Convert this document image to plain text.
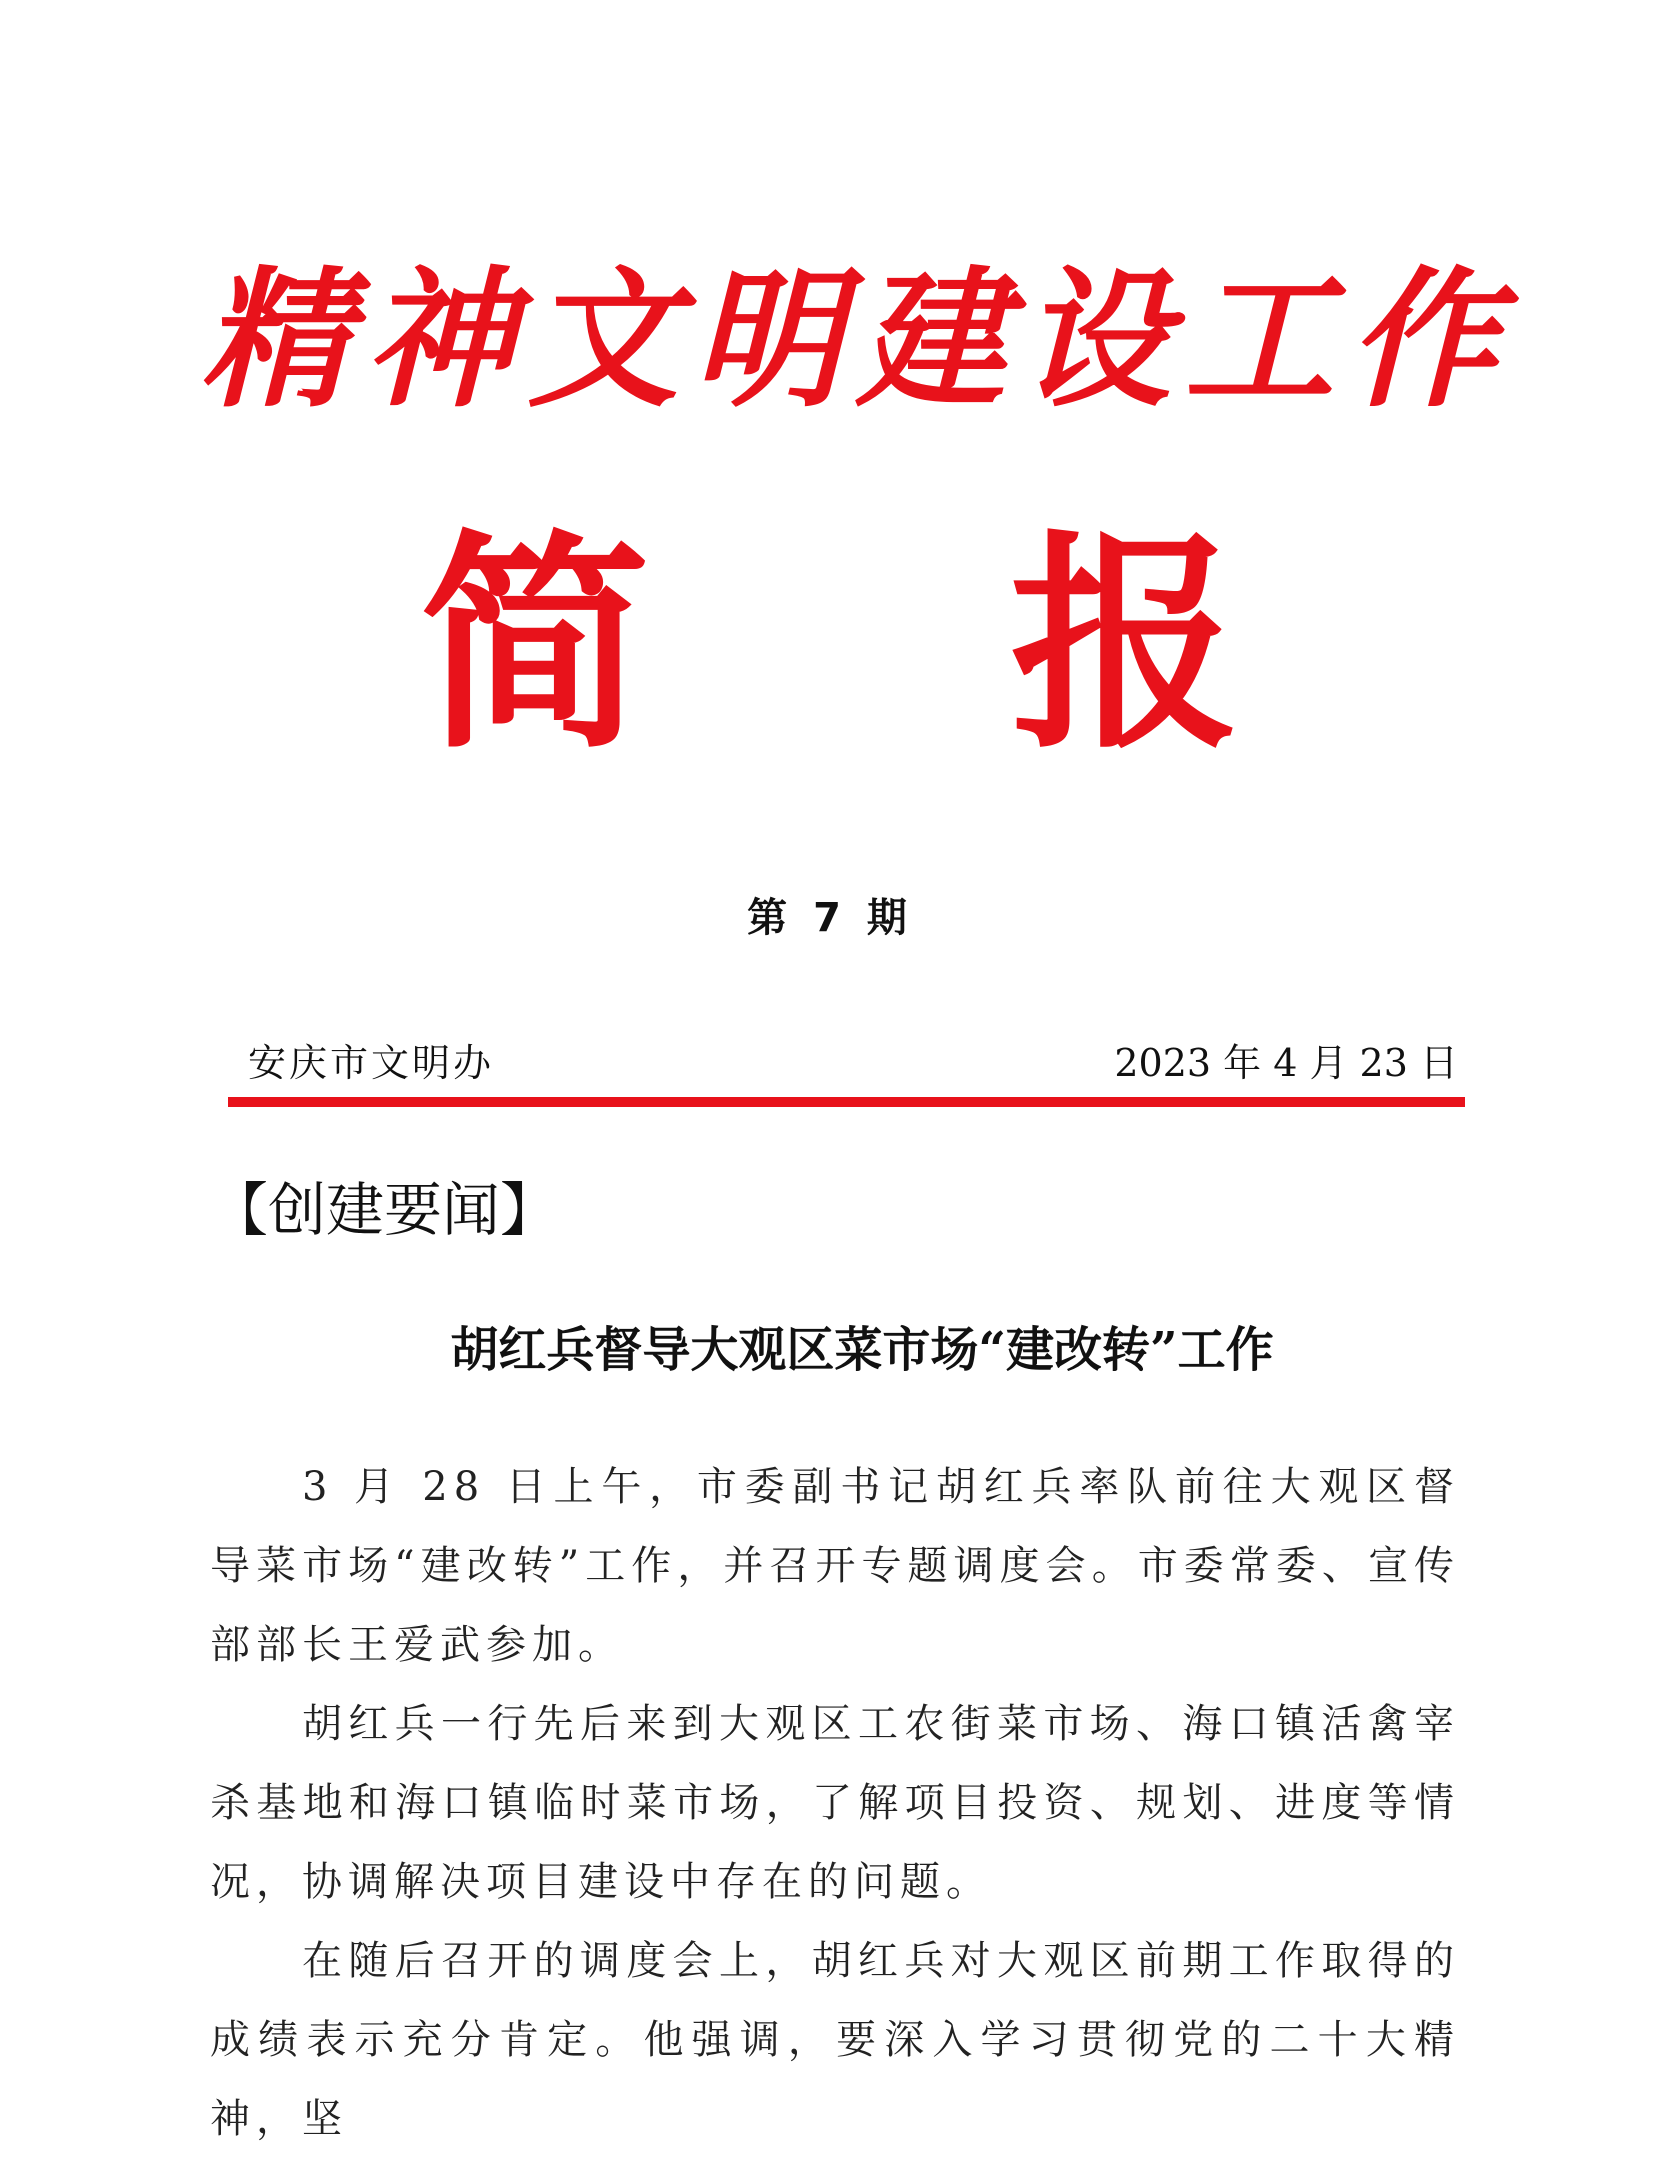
精神文明建设工作
简 报
第 7 期
安庆市文明办	2023 年 4 月 23 日
【创建要闻】
胡红兵督导大观区菜市场“建改转”工作

3 月 28 日上午，市委副书记胡红兵率队前往大观区督导菜市场“建改转”工作，并召开专题调度会。市委常委、宣传部部长王爱武参加。

胡红兵一行先后来到大观区工农街菜市场、海口镇活禽宰杀基地和海口镇临时菜市场，了解项目投资、规划、进度等情况，协调解决项目建设中存在的问题。

在随后召开的调度会上，胡红兵对大观区前期工作取得的成绩表示充分肯定。他强调，要深入学习贯彻党的二十大精神，坚
